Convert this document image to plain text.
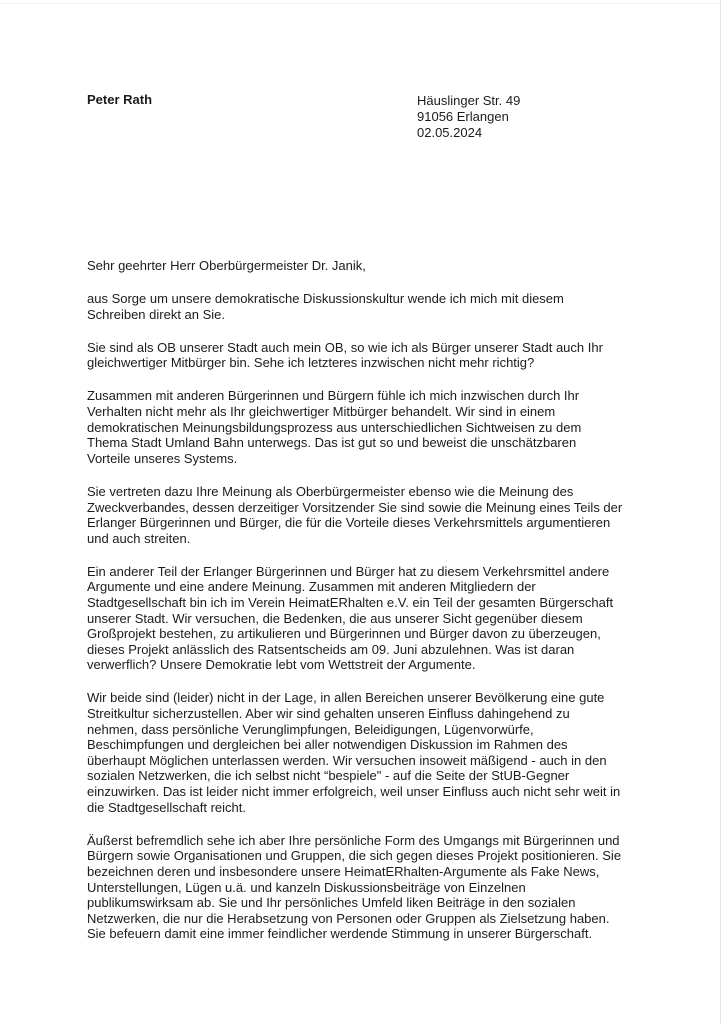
Peter Rath	Häuslinger Str. 49
91056 Erlangen
02.05.2024

Sehr geehrter Herr Oberbürgermeister Dr. Janik,

aus Sorge um unsere demokratische Diskussionskultur wende ich mich mit diesem
Schreiben direkt an Sie.

Sie sind als OB unserer Stadt auch mein OB, so wie ich als Bürger unserer Stadt auch Ihr
gleichwertiger Mitbürger bin. Sehe ich letzteres inzwischen nicht mehr richtig?

Zusammen mit anderen Bürgerinnen und Bürgern fühle ich mich inzwischen durch Ihr
Verhalten nicht mehr als Ihr gleichwertiger Mitbürger behandelt. Wir sind in einem
demokratischen Meinungsbildungsprozess aus unterschiedlichen Sichtweisen zu dem
Thema Stadt Umland Bahn unterwegs. Das ist gut so und beweist die unschätzbaren
Vorteile unseres Systems.

Sie vertreten dazu Ihre Meinung als Oberbürgermeister ebenso wie die Meinung des
Zweckverbandes, dessen derzeitiger Vorsitzender Sie sind sowie die Meinung eines Teils der
Erlanger Bürgerinnen und Bürger, die für die Vorteile dieses Verkehrsmittels argumentieren
und auch streiten.

Ein anderer Teil der Erlanger Bürgerinnen und Bürger hat zu diesem Verkehrsmittel andere
Argumente und eine andere Meinung. Zusammen mit anderen Mitgliedern der
Stadtgesellschaft bin ich im Verein HeimatERhalten e.V. ein Teil der gesamten Bürgerschaft
unserer Stadt. Wir versuchen, die Bedenken, die aus unserer Sicht gegenüber diesem
Großprojekt bestehen, zu artikulieren und Bürgerinnen und Bürger davon zu überzeugen,
dieses Projekt anlässlich des Ratsentscheids am 09. Juni abzulehnen. Was ist daran
verwerflich? Unsere Demokratie lebt vom Wettstreit der Argumente.

Wir beide sind (leider) nicht in der Lage, in allen Bereichen unserer Bevölkerung eine gute
Streitkultur sicherzustellen. Aber wir sind gehalten unseren Einfluss dahingehend zu
nehmen, dass persönliche Verunglimpfungen, Beleidigungen, Lügenvorwürfe,
Beschimpfungen und dergleichen bei aller notwendigen Diskussion im Rahmen des
überhaupt Möglichen unterlassen werden. Wir versuchen insoweit mäßigend - auch in den
sozialen Netzwerken, die ich selbst nicht “bespiele" - auf die Seite der StUB-Gegner
einzuwirken. Das ist leider nicht immer erfolgreich, weil unser Einfluss auch nicht sehr weit in
die Stadtgesellschaft reicht.

Äußerst befremdlich sehe ich aber Ihre persönliche Form des Umgangs mit Bürgerinnen und
Bürgern sowie Organisationen und Gruppen, die sich gegen dieses Projekt positionieren. Sie
bezeichnen deren und insbesondere unsere HeimatERhalten-Argumente als Fake News,
Unterstellungen, Lügen u.ä. und kanzeln Diskussionsbeiträge von Einzelnen
publikumswirksam ab. Sie und Ihr persönliches Umfeld liken Beiträge in den sozialen
Netzwerken, die nur die Herabsetzung von Personen oder Gruppen als Zielsetzung haben.
Sie befeuern damit eine immer feindlicher werdende Stimmung in unserer Bürgerschaft.
